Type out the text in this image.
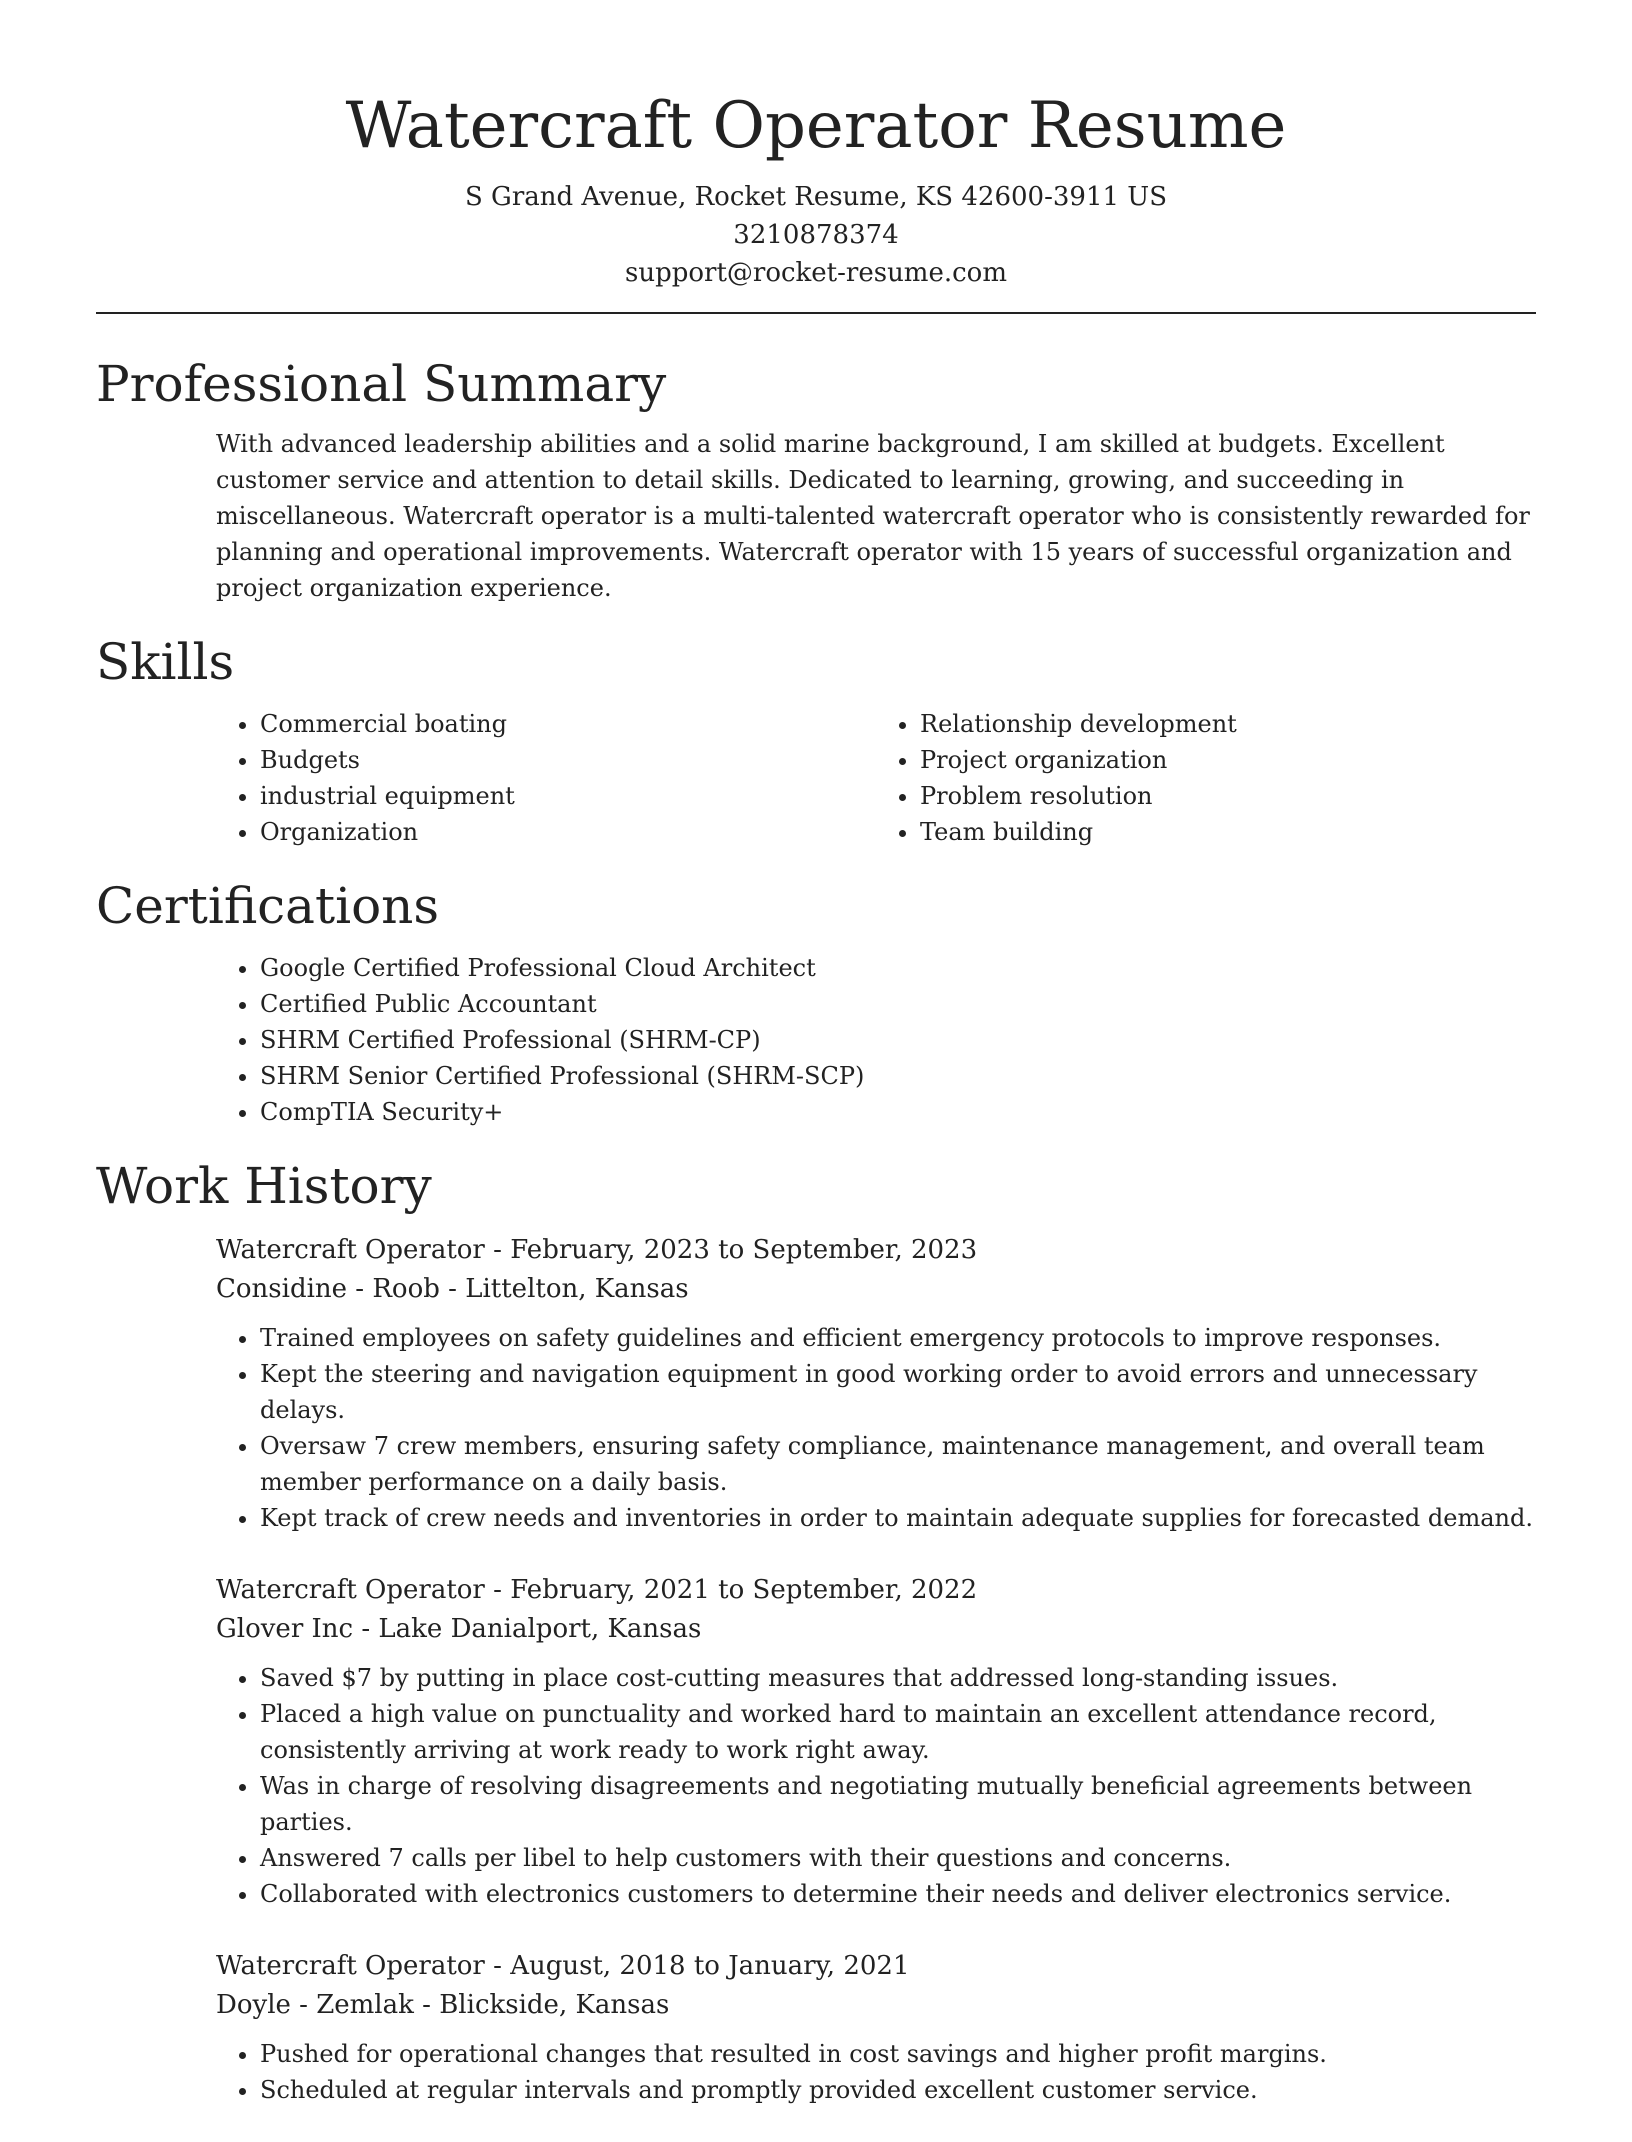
Watercraft Operator Resume

S Grand Avenue, Rocket Resume, KS 42600-3911 US

3210878374

support@rocket-resume.com

Professional Summary

With advanced leadership abilities and a solid marine background, I am skilled at budgets. Excellent customer service and attention to detail skills. Dedicated to learning, growing, and succeeding in miscellaneous. Watercraft operator is a multi-talented watercraft operator who is consistently rewarded for planning and operational improvements. Watercraft operator with 15 years of successful organization and project organization experience.

Skills
• Commercial boating
• Budgets
• industrial equipment
• Organization
• Relationship development
• Project organization
• Problem resolution
• Team building
Certifications
• Google Certified Professional Cloud Architect
• Certified Public Accountant
• SHRM Certified Professional (SHRM-CP)
• SHRM Senior Certified Professional (SHRM-SCP)
• CompTIA Security+
Work History

Watercraft Operator - February, 2023 to September, 2023

Considine - Roob - Littelton, Kansas

• Trained employees on safety guidelines and efficient emergency protocols to improve responses.
• Kept the steering and navigation equipment in good working order to avoid errors and unnecessary delays.
• Oversaw 7 crew members, ensuring safety compliance, maintenance management, and overall team member performance on a daily basis.
• Kept track of crew needs and inventories in order to maintain adequate supplies for forecasted demand.

Watercraft Operator - February, 2021 to September, 2022

Glover Inc - Lake Danialport, Kansas

• Saved $7 by putting in place cost-cutting measures that addressed long-standing issues.
• Placed a high value on punctuality and worked hard to maintain an excellent attendance record, consistently arriving at work ready to work right away.
• Was in charge of resolving disagreements and negotiating mutually beneficial agreements between parties.
• Answered 7 calls per libel to help customers with their questions and concerns.
• Collaborated with electronics customers to determine their needs and deliver electronics service.

Watercraft Operator - August, 2018 to January, 2021

Doyle - Zemlak - Blickside, Kansas

• Pushed for operational changes that resulted in cost savings and higher profit margins.
• Scheduled at regular intervals and promptly provided excellent customer service.
